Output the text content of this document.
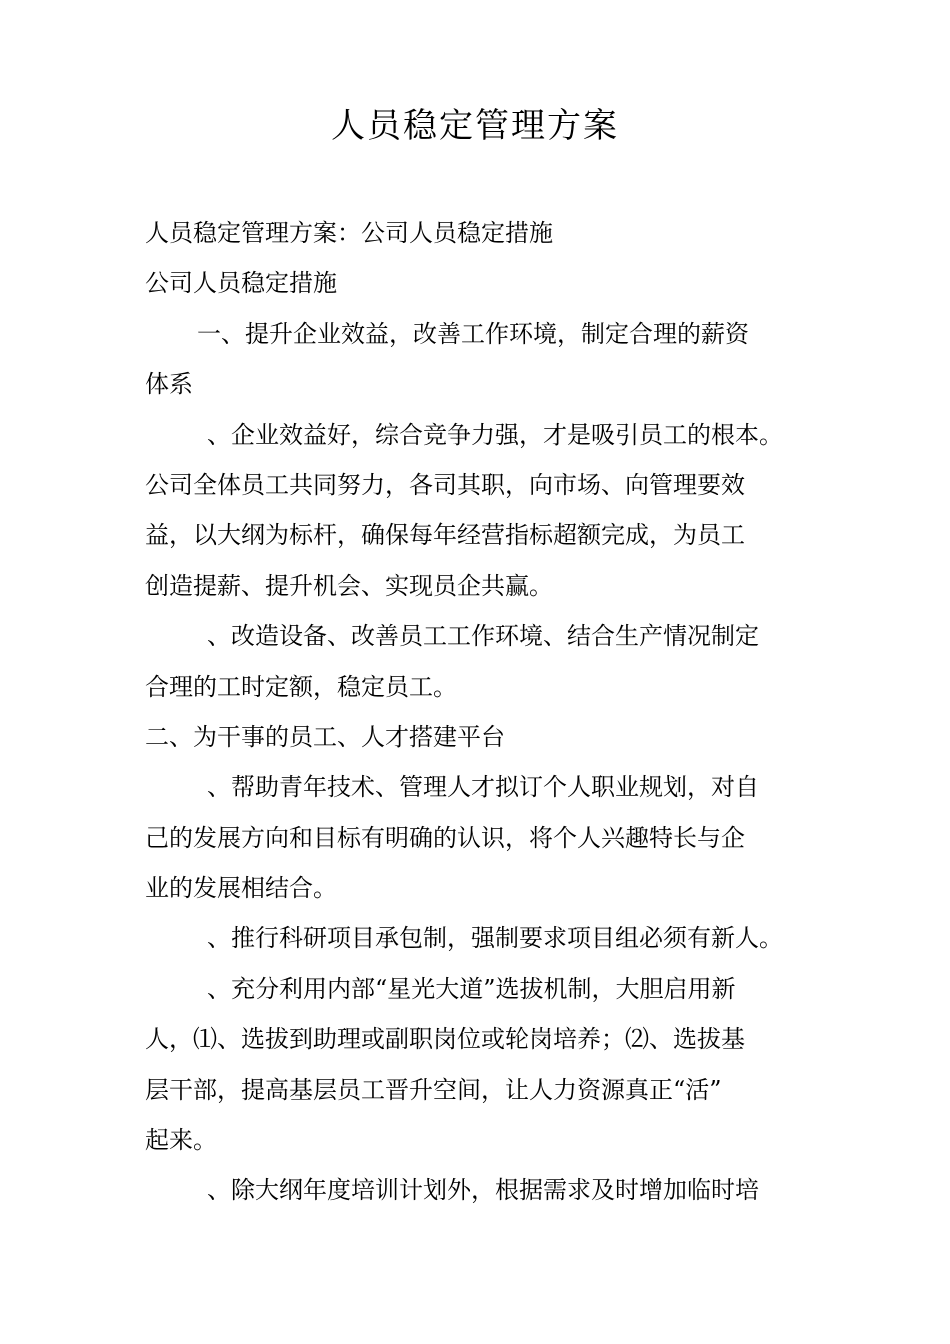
人员稳定管理方案
人员稳定管理方案：公司人员稳定措施
公司人员稳定措施
一、提升企业效益，改善工作环境，制定合理的薪资
体系
、企业效益好，综合竞争力强，才是吸引员工的根本。
公司全体员工共同努力，各司其职，向市场、向管理要效
益，以大纲为标杆，确保每年经营指标超额完成，为员工
创造提薪、提升机会、实现员企共赢。
、改造设备、改善员工工作环境、结合生产情况制定
合理的工时定额，稳定员工。
二、为干事的员工、人才搭建平台
、帮助青年技术、管理人才拟订个人职业规划，对自
己的发展方向和目标有明确的认识，将个人兴趣特长与企
业的发展相结合。
、推行科研项目承包制，强制要求项目组必须有新人。
、充分利用内部“星光大道”选拔机制，大胆启用新
人，⑴、选拔到助理或副职岗位或轮岗培养；⑵、选拔基
层干部，提高基层员工晋升空间，让人力资源真正“活”
起来。
、除大纲年度培训计划外，根据需求及时增加临时培
